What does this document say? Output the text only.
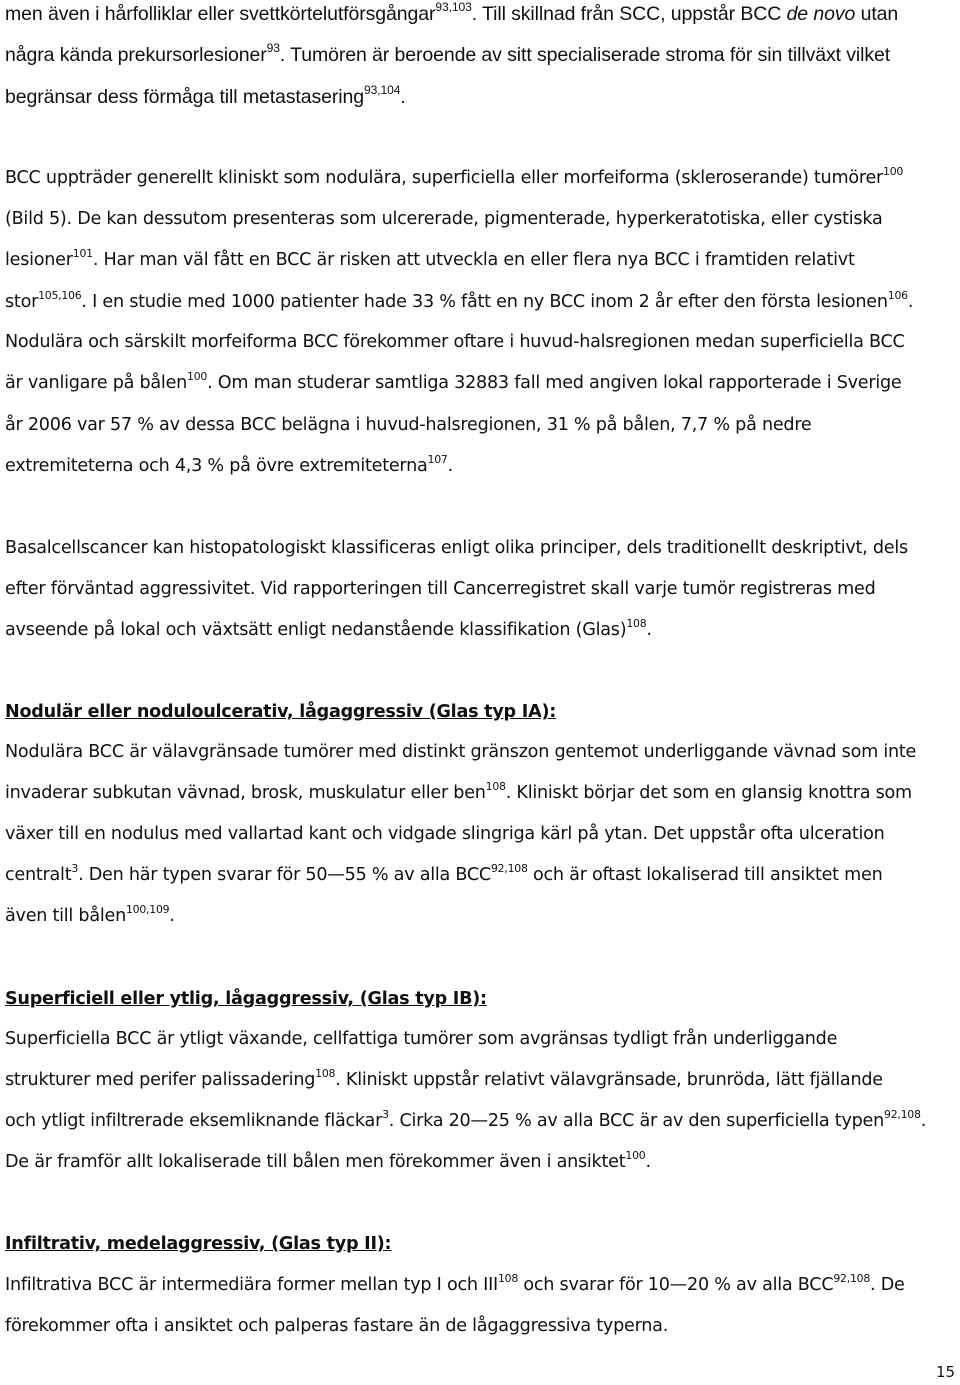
men även i hårfolliklar eller svettkörtelutförsgångar$^{93,103}$. Till skillnad från SCC, uppstår BCC de novo utan
några kända prekursorlesioner$^{93}$. Tumören är beroende av sitt specialiserade stroma för sin tillväxt vilket
begränsar dess förmåga till metastasering$^{93,104}$.
BCC uppträder generellt kliniskt som nodulära, superficiella eller morfeiforma (skleroserande) tumörer$^{100}$
(Bild 5). De kan dessutom presenteras som ulcererade, pigmenterade, hyperkeratotiska, eller cystiska
lesioner$^{101}$. Har man väl fått en BCC är risken att utveckla en eller flera nya BCC i framtiden relativt
stor$^{105,106}$. I en studie med 1000 patienter hade 33 % fått en ny BCC inom 2 år efter den första lesionen$^{106}$.
Nodulära och särskilt morfeiforma BCC förekommer oftare i huvud-halsregionen medan superficiella BCC
är vanligare på bålen$^{100}$. Om man studerar samtliga 32883 fall med angiven lokal rapporterade i Sverige
år 2006 var 57 % av dessa BCC belägna i huvud-halsregionen, 31 % på bålen, 7,7 % på nedre
extremiteterna och 4,3 % på övre extremiteterna$^{107}$.
Basalcellscancer kan histopatologiskt klassificeras enligt olika principer, dels traditionellt deskriptivt, dels
efter förväntad aggressivitet. Vid rapporteringen till Cancerregistret skall varje tumör registreras med
avseende på lokal och växtsätt enligt nedanstående klassifikation (Glas)$^{108}$.
Nodulär eller noduloulcerativ, lågaggressiv (Glas typ IA):
Nodulära BCC är välavgränsade tumörer med distinkt gränszon gentemot underliggande vävnad som inte
invaderar subkutan vävnad, brosk, muskulatur eller ben$^{108}$. Kliniskt börjar det som en glansig knottra som
växer till en nodulus med vallartad kant och vidgade slingriga kärl på ytan. Det uppstår ofta ulceration
centralt$^3$. Den här typen svarar för 50—55 % av alla BCC$^{92,108}$ och är oftast lokaliserad till ansiktet men
även till bålen$^{100,109}$.
Superficiell eller ytlig, lågaggressiv, (Glas typ IB):
Superficiella BCC är ytligt växande, cellfattiga tumörer som avgränsas tydligt från underliggande
strukturer med perifer palissadering$^{108}$. Kliniskt uppstår relativt välavgränsade, brunröda, lätt fjällande
och ytligt infiltrerade eksemliknande fläckar$^3$. Cirka 20—25 % av alla BCC är av den superficiella typen$^{92,108}$.
De är framför allt lokaliserade till bålen men förekommer även i ansiktet$^{100}$.
Infiltrativ, medelaggressiv, (Glas typ II):
Infiltrativa BCC är intermediära former mellan typ I och III$^{108}$ och svarar för 10—20 % av alla BCC$^{92,108}$. De
förekommer ofta i ansiktet och palperas fastare än de lågaggressiva typerna.
15
